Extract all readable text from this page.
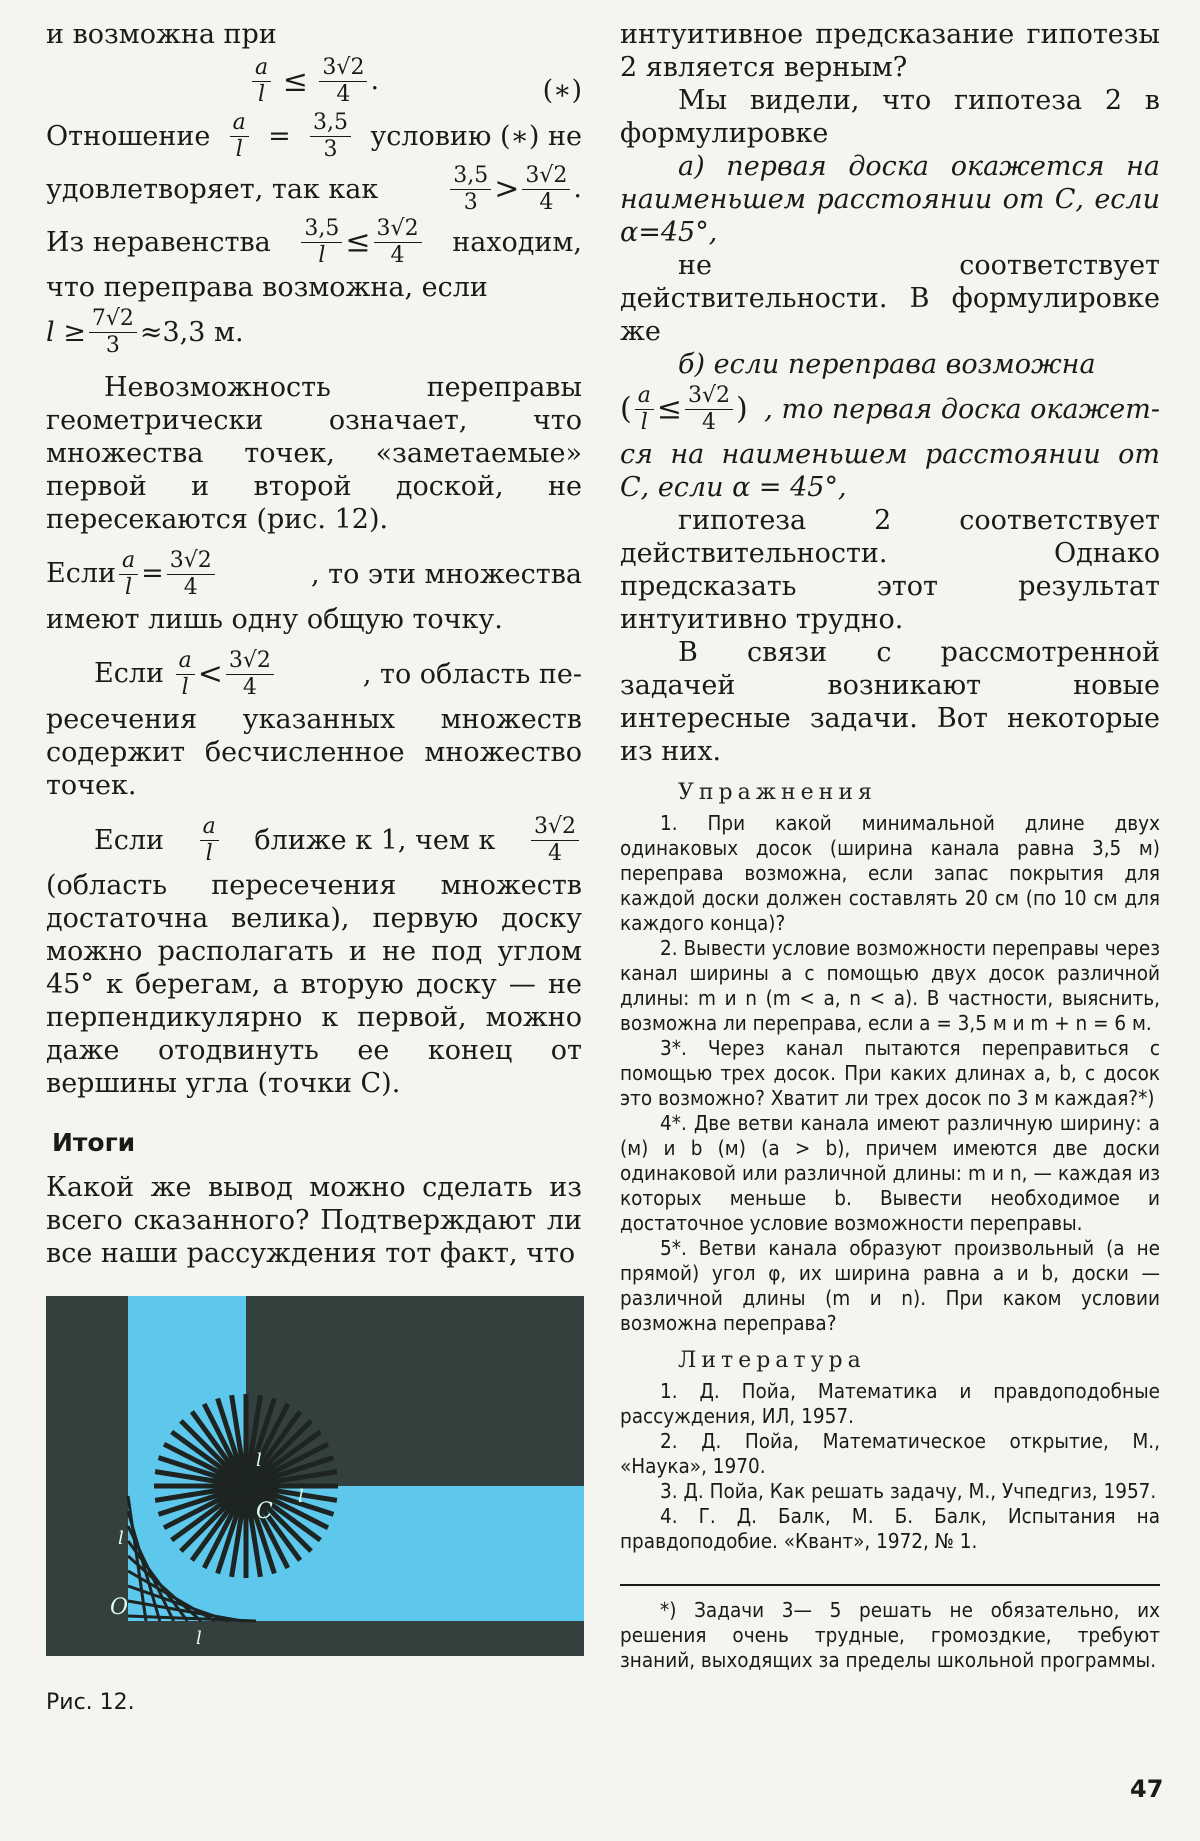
и возможна при

$\frac{a}{l} \le \frac{3√2}{4}$ .	(∗)
Отношение $\frac{a}{l} = \frac{3,5}{3}$ условию (∗) не
удовлетворяет, так как	$\frac{3,5}{3} > \frac{3√2}{4}$ .
Из неравенства $\frac{3,5}{l} \le \frac{3√2}{4}$ находим,

что переправа возможна, если

$l \ge \frac{7√2}{3} \approx 3,3$ м.

Невозможность переправы геометрически означает, что множества точек, «заметаемые» первой и второй доской, не пересекаются (рис. 12).

Если $\frac{a}{l} = \frac{3√2}{4}$	, то эти множества

имеют лишь одну общую точку.

Если $\frac{a}{l} < \frac{3√2}{4}$	, то область пе-

ресечения указанных множеств содержит бесчисленное множество точек.

Если $\frac{a}{l}$ ближе к 1, чем к $\frac{3√2}{4}$

(область пересечения множеств достаточна велика), первую доску можно располагать и не под углом 45° к берегам, а вторую доску — не перпендикулярно к первой, можно даже отодвинуть ее конец от вершины угла (точки С).

Итоги

Какой же вывод можно сделать из всего сказанного? Подтверждают ли все наши рассуждения тот факт, что

C
O
l
l
l
l
Рис. 12.

интуитивное предсказание гипотезы 2 является верным?

Мы видели, что гипотеза 2 в формулировке

а) первая доска окажется на наименьшем расстоянии от С, если α=45°,

не соответствует действительности. В формулировке же

б) если переправа возможна

( $\frac{a}{l} \le \frac{3√2}{4}$ ) , то первая доска окажет-

ся на наименьшем расстоянии от С, если α = 45°,

гипотеза 2 соответствует действительности. Однако предсказать этот результат интуитивно трудно.

В связи с рассмотренной задачей возникают новые интересные задачи. Вот некоторые из них.

Упражнения

1. При какой минимальной длине двух одинаковых досок (ширина канала равна 3,5 м) переправа возможна, если запас покрытия для каждой доски должен составлять 20 см (по 10 см для каждого конца)?

2. Вывести условие возможности переправы через канал ширины a с помощью двух досок различной длины: m и n (m < a, n < a). В частности, выяснить, возможна ли переправа, если a = 3,5 м и m + n = 6 м.

3*. Через канал пытаются переправиться с помощью трех досок. При каких длинах a, b, c досок это возможно? Хватит ли трех досок по 3 м каждая?*)

4*. Две ветви канала имеют различную ширину: a (м) и b (м) (a > b), причем имеются две доски одинаковой или различной длины: m и n, — каждая из которых меньше b. Вывести необходимое и достаточное условие возможности переправы.

5*. Ветви канала образуют произвольный (а не прямой) угол φ, их ширина равна a и b, доски — различной длины (m и n). При каком условии возможна переправа?

Литература

1. Д. Пойа, Математика и правдоподобные рассуждения, ИЛ, 1957.

2. Д. Пойа, Математическое открытие, М., «Наука», 1970.

3. Д. Пойа, Как решать задачу, М., Учпедгиз, 1957.

4. Г. Д. Балк, М. Б. Балк, Испытания на правдоподобие. «Квант», 1972, № 1.

*) Задачи 3— 5 решать не обязательно, их решения очень трудные, громоздкие, требуют знаний, выходящих за пределы школьной программы.

47
